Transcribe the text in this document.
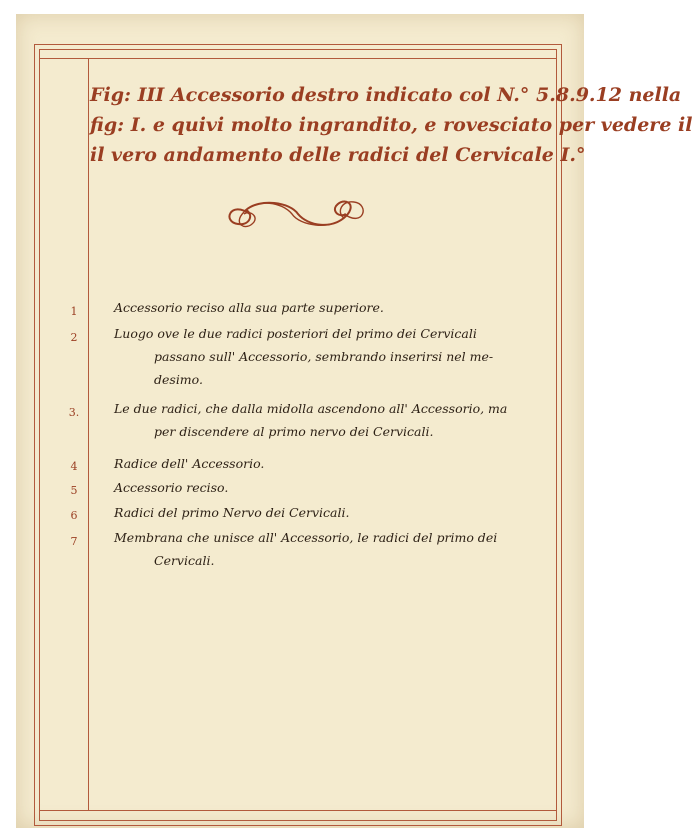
Fig: III Accessorio destro indicato col N.° 5.8.9.12 nella
fig: I. e quivi molto ingrandito, e rovesciato per vedere il
il vero andamento delle radici del Cervicale I.°
1	Accessorio reciso alla sua parte superiore.
2	Luogo ove le due radici posteriori del primo dei Cervicali
passano sull' Accessorio, sembrando inserirsi nel me-
desimo.
3.	Le due radici, che dalla midolla ascendono all' Accessorio, ma
per discendere al primo nervo dei Cervicali.
4	Radice dell' Accessorio.
5	Accessorio reciso.
6	Radici del primo Nervo dei Cervicali.
7	Membrana che unisce all' Accessorio, le radici del primo dei
Cervicali.
